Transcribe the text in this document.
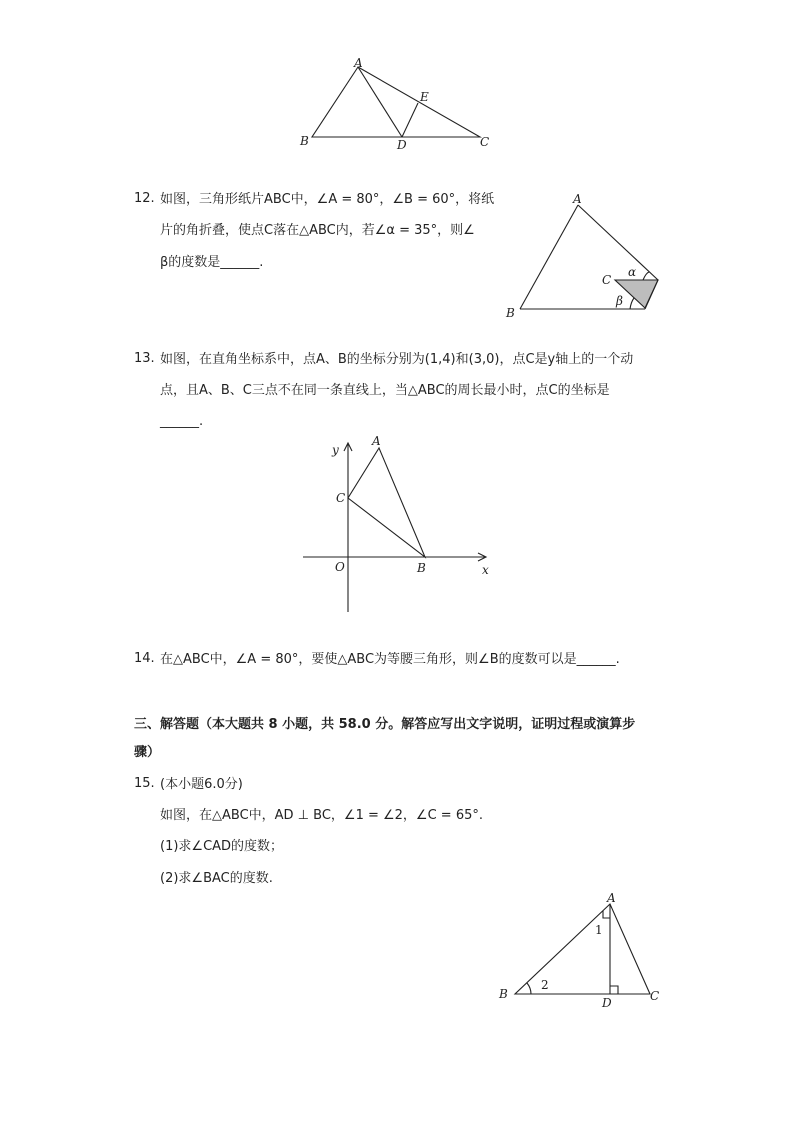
A
B	C
D
E
12. 如图，三角形纸片ABC中，∠A = 80°，∠B = 60°，将纸
片的角折叠，使点C落在△ABC内，若∠α = 35°，则∠
β的度数是______.
A
B
C
α
β
13. 如图，在直角坐标系中，点A、B的坐标分别为(1,4)和(3,0)，点C是y轴上的一个动
点，且A、B、C三点不在同一条直线上，当△ABC的周长最小时，点C的坐标是
______.
y
x
O
A
B
C
14. 在△ABC中，∠A = 80°，要使△ABC为等腰三角形，则∠B的度数可以是______.
三、解答题（本大题共 8 小题，共 58.0 分。解答应写出文字说明，证明过程或演算步
骤）
15. (本小题6.0分)
如图，在△ABC中，AD ⊥ BC，∠1 = ∠2，∠C = 65°.
(1)求∠CAD的度数；
(2)求∠BAC的度数.
A
B	C
D
1
2
